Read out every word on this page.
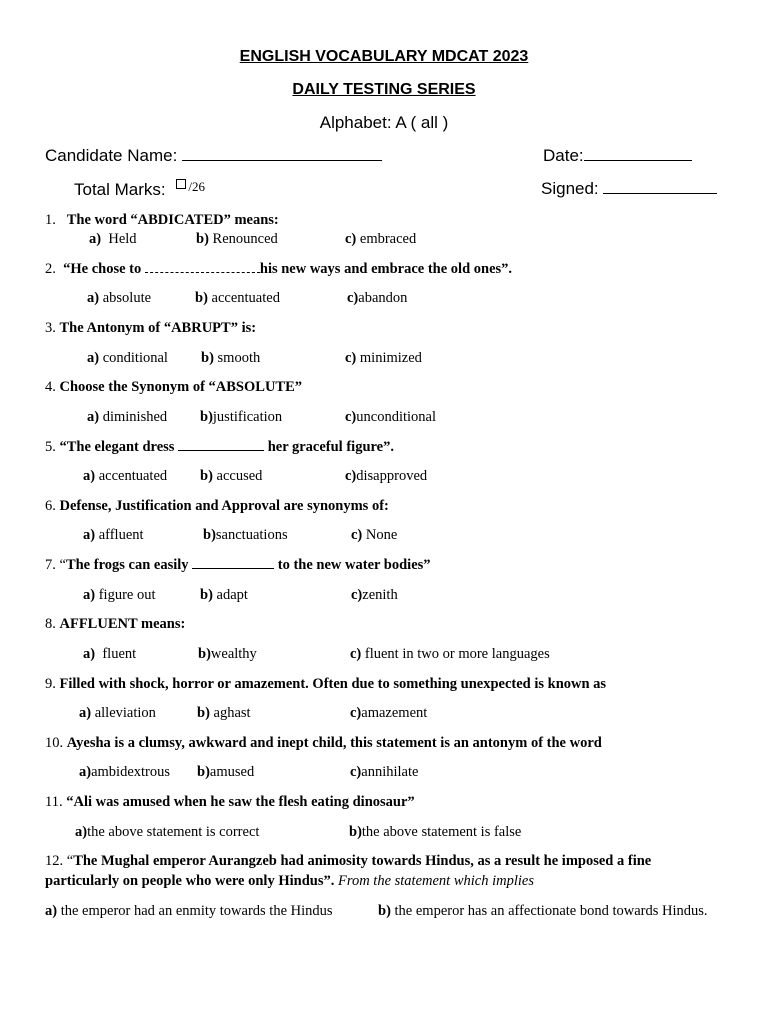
ENGLISH VOCABULARY MDCAT 2023
DAILY TESTING SERIES
Alphabet: A ( all )
Candidate Name:	Date:
Total Marks: $^{/26}$	Signed:
1. The word “ABDICATED” means:
a) Held	b) Renounced	c) embraced
2. “He chose to	his new ways and embrace the old ones”.
a) absolute	b) accentuated	c)abandon
3. The Antonym of “ABRUPT” is:
a) conditional b) smooth	c) minimized
4. Choose the Synonym of “ABSOLUTE”
a) diminished b)justification	c)unconditional
5. “The elegant dress	her graceful figure”.
a) accentuated b) accused	c)disapproved
6. Defense, Justification and Approval are synonyms of:
a) affluent	b)sanctuations	c) None
7. “The frogs can easily	to the new water bodies”
a) figure out	b) adapt	c)zenith
8. AFFLUENT means:
a) fluent	b)wealthy	c) fluent in two or more languages
9. Filled with shock, horror or amazement. Often due to something unexpected is known as
a) alleviation	b) aghast	c)amazement
10. Ayesha is a clumsy, awkward and inept child, this statement is an antonym of the word
a)ambidextrous b)amused	c)annihilate
11. “Ali was amused when he saw the flesh eating dinosaur”
a)the above statement is correct	b)the above statement is false
12. “The Mughal emperor Aurangzeb had animosity towards Hindus, as a result he imposed a fine
particularly on people who were only Hindus”. From the statement which implies
a) the emperor had an enmity towards the Hindus	b) the emperor has an affectionate bond towards Hindus.
